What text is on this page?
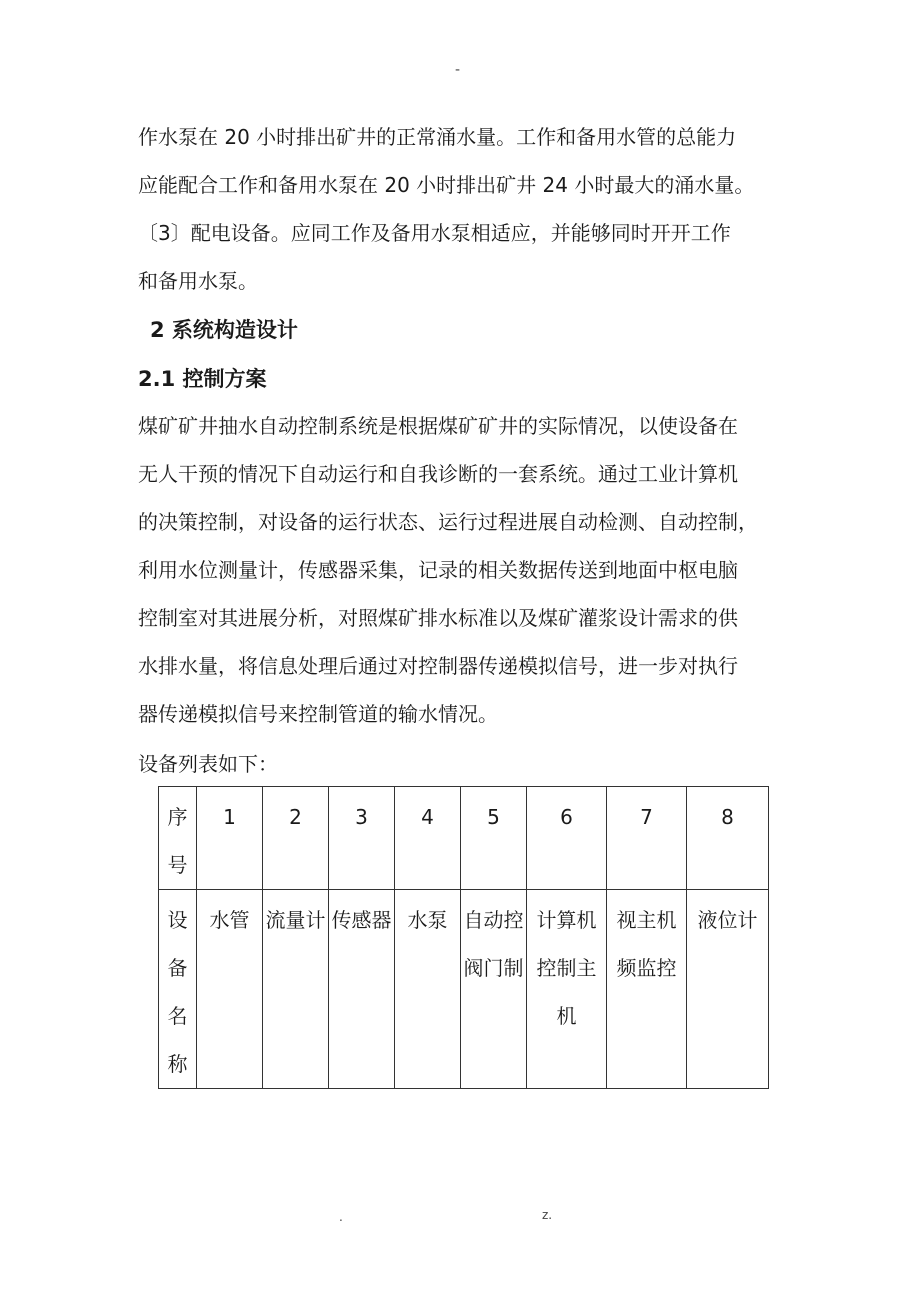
-
作水泵在 20 小时排出矿井的正常涌水量。工作和备用水管的总能力
应能配合工作和备用水泵在 20 小时排出矿井 24 小时最大的涌水量。
〔3〕配电设备。应同工作及备用水泵相适应，并能够同时开开工作
和备用水泵。
2 系统构造设计
2.1 控制方案
煤矿矿井抽水自动控制系统是根据煤矿矿井的实际情况，以使设备在
无人干预的情况下自动运行和自我诊断的一套系统。通过工业计算机
的决策控制，对设备的运行状态、运行过程进展自动检测、自动控制，
利用水位测量计，传感器采集，记录的相关数据传送到地面中枢电脑
控制室对其进展分析，对照煤矿排水标准以及煤矿灌浆设计需求的供
水排水量，将信息处理后通过对控制器传递模拟信号，进一步对执行
器传递模拟信号来控制管道的输水情况。
设备列表如下：
序号	1	2	3	4	5	6	7	8

设备名称	水管	流量计	传感器	水泵	自动控阀门制	计算机控制主机	视主机频监控	液位计
.	z.
